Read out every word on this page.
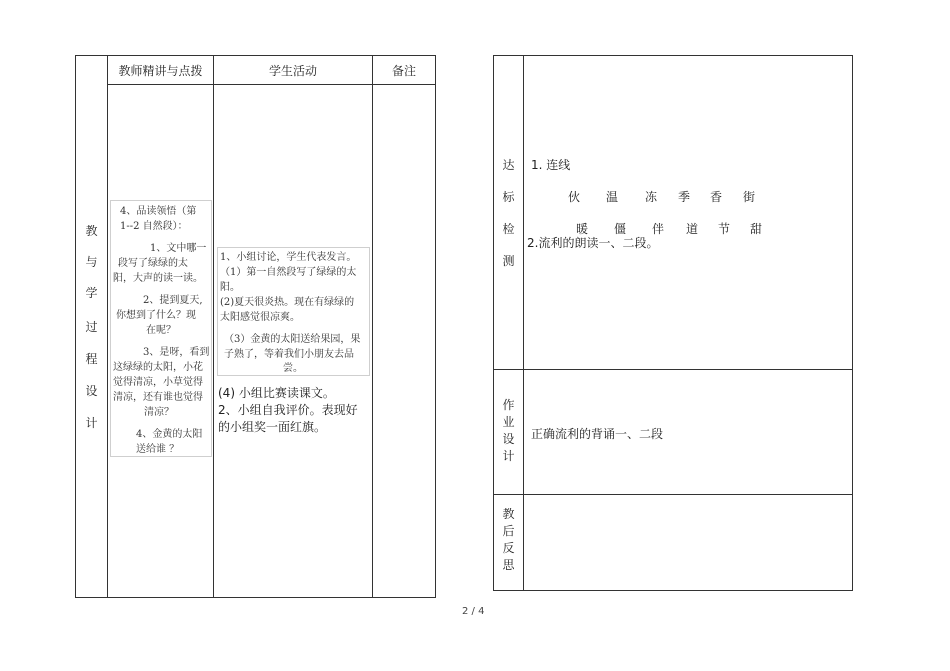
教师精讲与点拨	学生活动	备注
教
与
学
过
程
设
计
4、品读领悟（第
1--2 自然段）：
1、文中哪一
段写了绿绿的太
阳，大声的读一读。
2、提到夏天,
你想到了什么？现
在呢？
3、是呀，看到
这绿绿的太阳，小花
觉得清凉，小草觉得
清凉，还有谁也觉得
清凉？
4、金黄的太阳
送给谁 ？
1、小组讨论，学生代表发言。
（1）第一自然段写了绿绿的太
阳。
(2)夏天很炎热。现在有绿绿的
太阳感觉很凉爽。
（3）金黄的太阳送给果园，果
子熟了，等着我们小朋友去品
尝。
(4) 小组比赛读课文。
2、小组自我评价。表现好
的小组奖一面红旗。
达
标
检
测
1. 连线
伙 温 冻 季 香 街
暖 僵 伴 道 节 甜
2.流利的朗读一、二段。
作
业
设
计
正确流利的背诵一、二段
教
后
反
思
2 / 4
